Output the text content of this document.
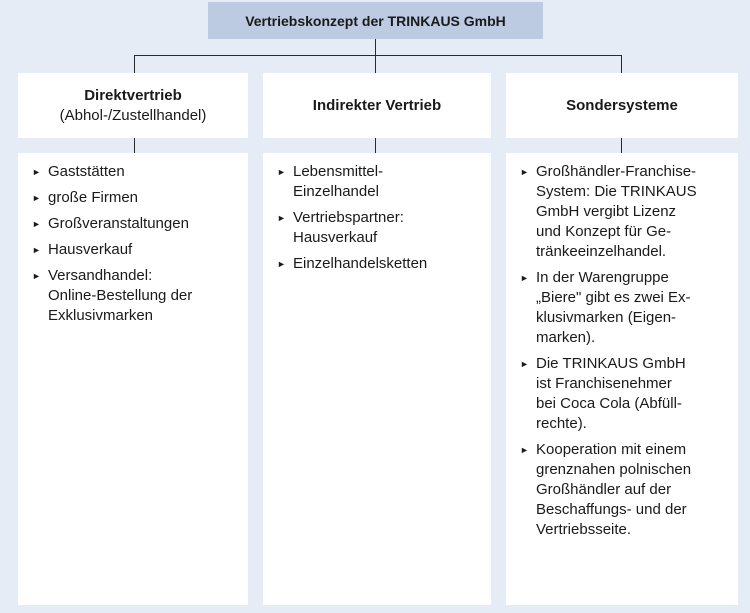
Vertriebskonzept der TRINKAUS GmbH
Direktvertrieb
(Abhol-/Zustellhandel)
Indirekter Vertrieb	Sondersysteme
► Gaststätten
► große Firmen
► Großveranstaltungen
► Hausverkauf
► Versandhandel:
Online-Bestellung der
Exklusivmarken
► Lebensmittel-
Einzelhandel
► Vertriebspartner:
Hausverkauf
► Einzelhandelsketten
► Großhändler-Franchise-
System: Die TRINKAUS
GmbH vergibt Lizenz
und Konzept für Ge-
tränkeeinzelhandel.
► In der Warengruppe
„Biere" gibt es zwei Ex-
klusivmarken (Eigen-
marken).
► Die TRINKAUS GmbH
ist Franchisenehmer
bei Coca Cola (Abfüll-
rechte).
► Kooperation mit einem
grenznahen polnischen
Großhändler auf der
Beschaffungs- und der
Vertriebsseite.
